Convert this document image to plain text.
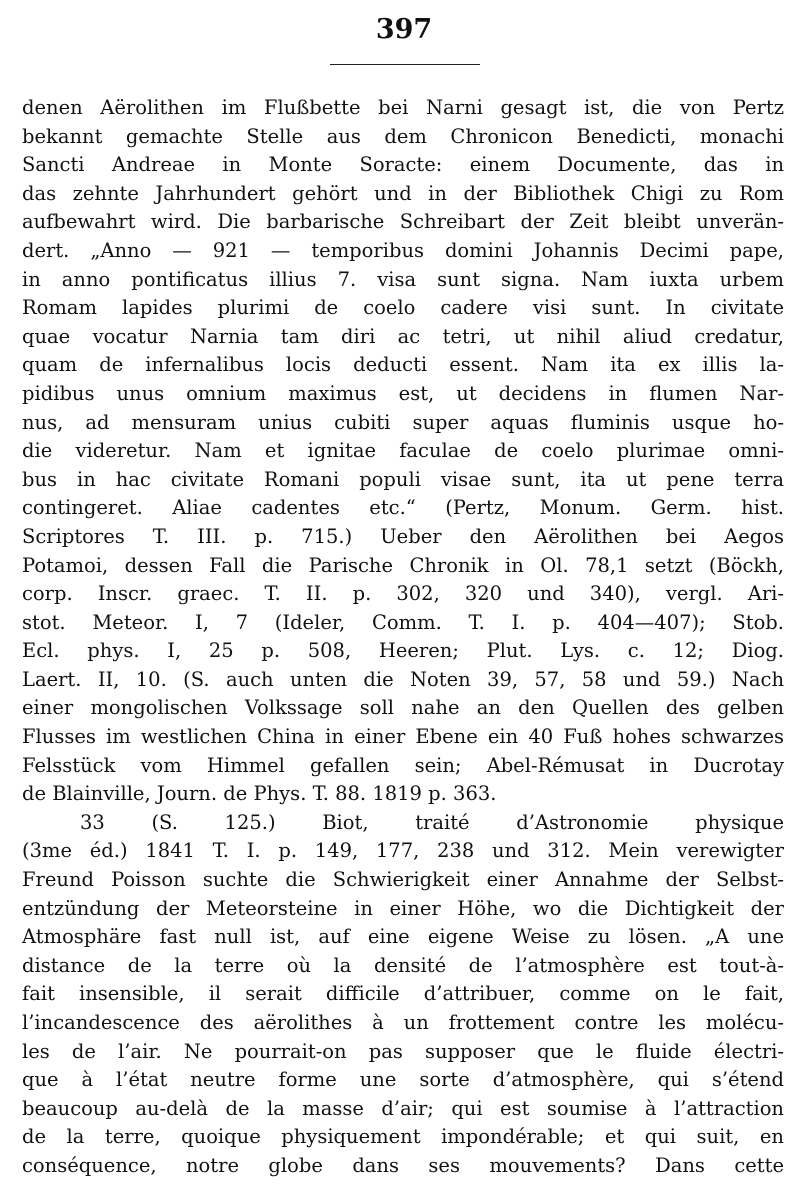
397
denen Aërolithen im Flußbette bei Narni gesagt ist, die von Pertz
bekannt gemachte Stelle aus dem Chronicon Benedicti, monachi
Sancti Andreae in Monte Soracte: einem Documente, das in
das zehnte Jahrhundert gehört und in der Bibliothek Chigi zu Rom
aufbewahrt wird. Die barbarische Schreibart der Zeit bleibt unverän-
dert. „Anno — 921 — temporibus domini Johannis Decimi pape,
in anno pontificatus illius 7. visa sunt signa. Nam iuxta urbem
Romam lapides plurimi de coelo cadere visi sunt. In civitate
quae vocatur Narnia tam diri ac tetri, ut nihil aliud credatur,
quam de infernalibus locis deducti essent. Nam ita ex illis la-
pidibus unus omnium maximus est, ut decidens in flumen Nar-
nus, ad mensuram unius cubiti super aquas fluminis usque ho-
die videretur. Nam et ignitae faculae de coelo plurimae omni-
bus in hac civitate Romani populi visae sunt, ita ut pene terra
contingeret. Aliae cadentes etc.“ (Pertz, Monum. Germ. hist.
Scriptores T. III. p. 715.) Ueber den Aërolithen bei Aegos
Potamoi, dessen Fall die Parische Chronik in Ol. 78,1 setzt (Böckh,
corp. Inscr. graec. T. II. p. 302, 320 und 340), vergl. Ari-
stot. Meteor. I, 7 (Ideler, Comm. T. I. p. 404—407); Stob.
Ecl. phys. I, 25 p. 508, Heeren; Plut. Lys. c. 12; Diog.
Laert. II, 10. (S. auch unten die Noten 39, 57, 58 und 59.) Nach
einer mongolischen Volkssage soll nahe an den Quellen des gelben
Flusses im westlichen China in einer Ebene ein 40 Fuß hohes schwarzes
Felsstück vom Himmel gefallen sein; Abel-Rémusat in Ducrotay
de Blainville, Journ. de Phys. T. 88. 1819 p. 363.
33 (S. 125.) Biot, traité d’Astronomie physique
(3me éd.) 1841 T. I. p. 149, 177, 238 und 312. Mein verewigter
Freund Poisson suchte die Schwierigkeit einer Annahme der Selbst-
entzündung der Meteorsteine in einer Höhe, wo die Dichtigkeit der
Atmosphäre fast null ist, auf eine eigene Weise zu lösen. „A une
distance de la terre où la densité de l’atmosphère est tout-à-
fait insensible, il serait difficile d’attribuer, comme on le fait,
l’incandescence des aërolithes à un frottement contre les molécu-
les de l’air. Ne pourrait-on pas supposer que le fluide électri-
que à l’état neutre forme une sorte d’atmosphère, qui s’étend
beaucoup au-delà de la masse d’air; qui est soumise à l’attraction
de la terre, quoique physiquement impondérable; et qui suit, en
conséquence, notre globe dans ses mouvements? Dans cette
